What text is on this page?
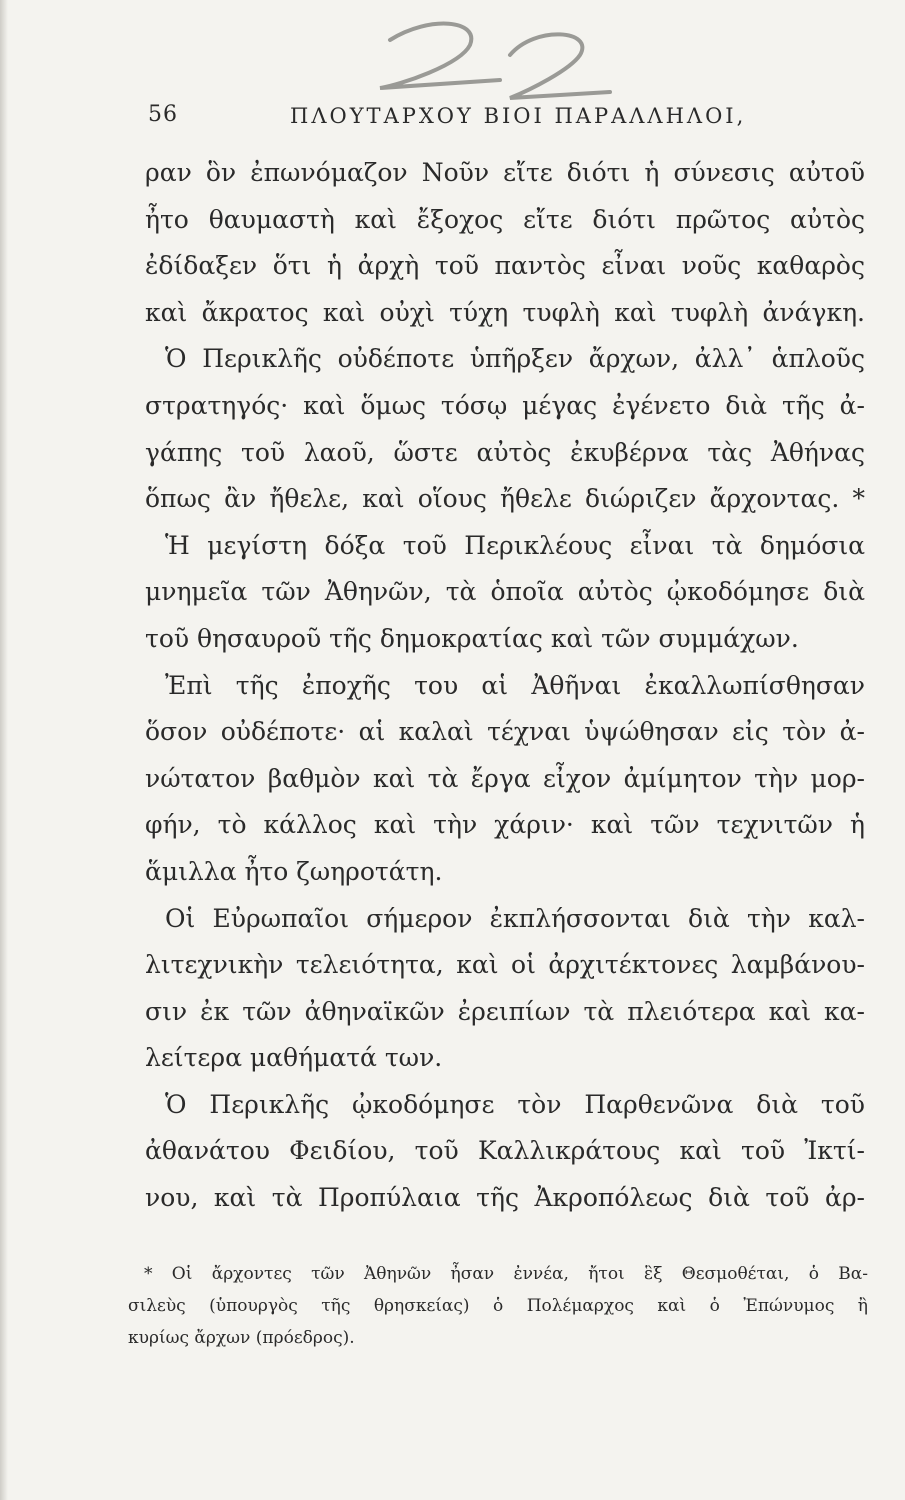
56	ΠΛΟΥΤΑΡΧΟΥ ΒΙΟΙ ΠΑΡΑΛΛΗΛΟΙ,
ραν ὃν ἐπωνόμαζον Νοῦν εἴτε διότι ἡ σύνεσις αὐτοῦ
ἦτο θαυμαστὴ καὶ ἔξοχος εἴτε διότι πρῶτος αὐτὸς
ἐδίδαξεν ὅτι ἡ ἀρχὴ τοῦ παντὸς εἶναι νοῦς καθαρὸς
καὶ ἄκρατος καὶ οὐχὶ τύχη τυφλὴ καὶ τυφλὴ ἀνάγκη.
Ὁ Περικλῆς οὐδέποτε ὑπῆρξεν ἄρχων, ἀλλ᾽ ἁπλοῦς
στρατηγός· καὶ ὅμως τόσῳ μέγας ἐγένετο διὰ τῆς ἀ-
γάπης τοῦ λαοῦ, ὥστε αὐτὸς ἐκυβέρνα τὰς Ἀθήνας
ὅπως ἂν ἤθελε, καὶ οἵους ἤθελε διώριζεν ἄρχοντας. *
Ἡ μεγίστη δόξα τοῦ Περικλέους εἶναι τὰ δημόσια
μνημεῖα τῶν Ἀθηνῶν, τὰ ὁποῖα αὐτὸς ᾠκοδόμησε διὰ
τοῦ θησαυροῦ τῆς δημοκρατίας καὶ τῶν συμμάχων.
Ἐπὶ τῆς ἐποχῆς του αἱ Ἀθῆναι ἐκαλλωπίσθησαν
ὅσον οὐδέποτε· αἱ καλαὶ τέχναι ὑψώθησαν εἰς τὸν ἀ-
νώτατον βαθμὸν καὶ τὰ ἔργα εἶχον ἀμίμητον τὴν μορ-
φήν, τὸ κάλλος καὶ τὴν χάριν· καὶ τῶν τεχνιτῶν ἡ
ἅμιλλα ἦτο ζωηροτάτη.
Οἱ Εὐρωπαῖοι σήμερον ἐκπλήσσονται διὰ τὴν καλ-
λιτεχνικὴν τελειότητα, καὶ οἱ ἀρχιτέκτονες λαμβάνου-
σιν ἐκ τῶν ἀθηναϊκῶν ἐρειπίων τὰ πλειότερα καὶ κα-
λείτερα μαθήματά των.
Ὁ Περικλῆς ᾠκοδόμησε τὸν Παρθενῶνα διὰ τοῦ
ἀθανάτου Φειδίου, τοῦ Καλλικράτους καὶ τοῦ Ἰκτί-
νου, καὶ τὰ Προπύλαια τῆς Ἀκροπόλεως διὰ τοῦ ἀρ-
* Οἱ ἄρχοντες τῶν Ἀθηνῶν ἦσαν ἐννέα, ἤτοι ἓξ Θεσμοθέται, ὁ Βα-
σιλεὺς (ὑπουργὸς τῆς θρησκείας) ὁ Πολέμαρχος καὶ ὁ Ἐπώνυμος ἢ
κυρίως ἄρχων (πρόεδρος).
